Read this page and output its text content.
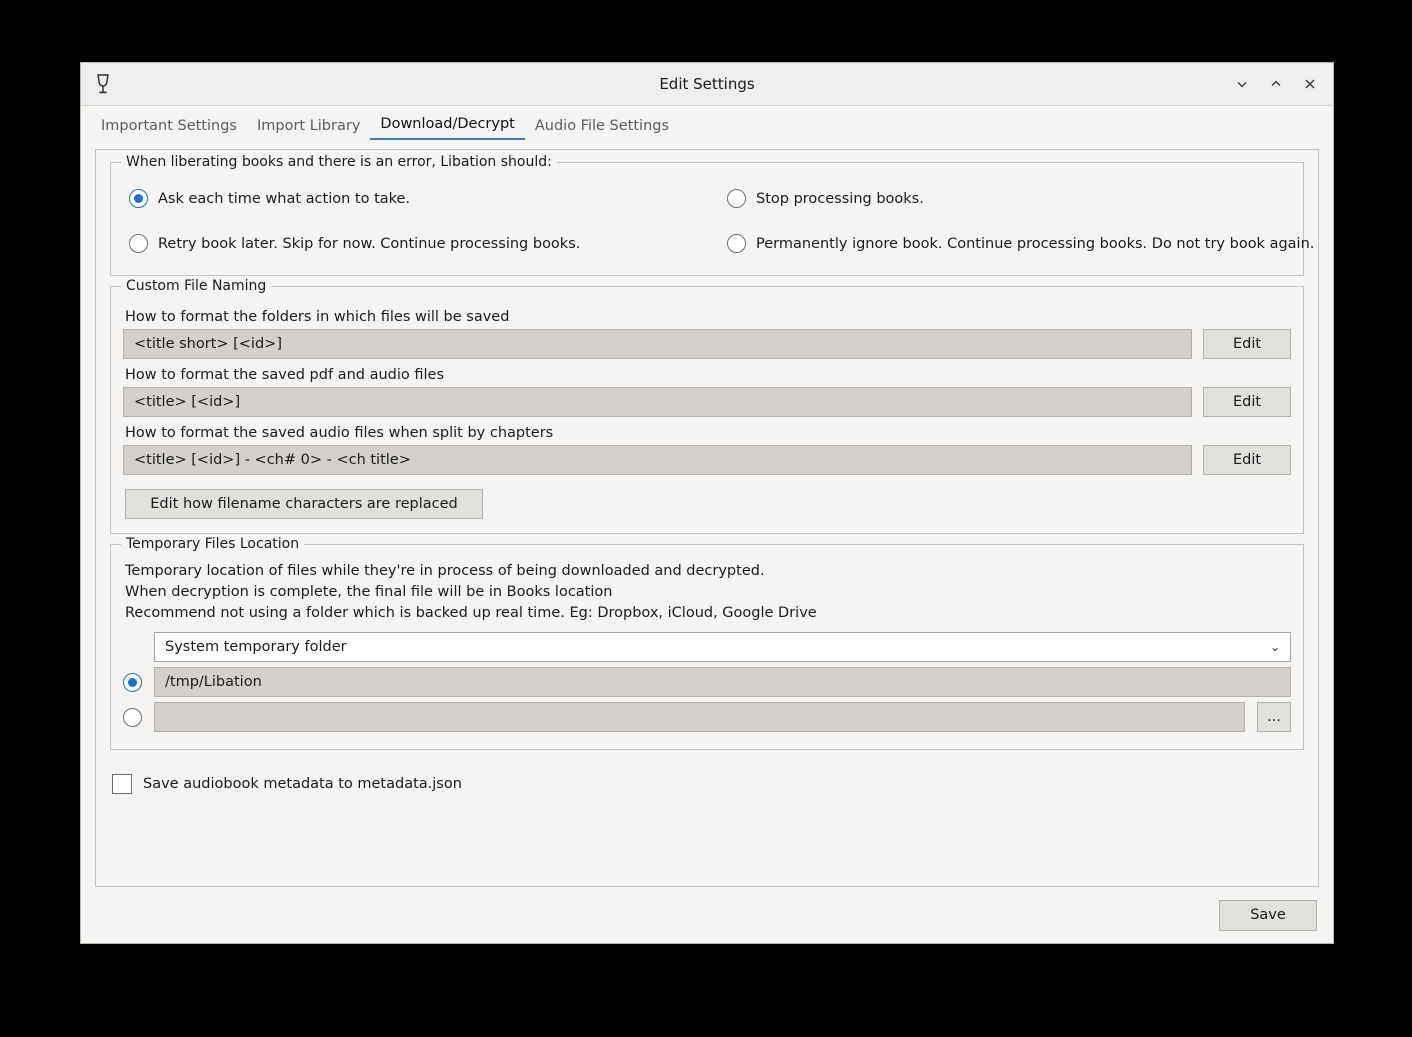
Edit Settings
Important Settings	Import Library	Download/Decrypt	Audio File Settings
When liberating books and there is an error, Libation should:
Ask each time what action to take.	Stop processing books.
Retry book later. Skip for now. Continue processing books.	Permanently ignore book. Continue processing books. Do not try book again.
Custom File Naming
How to format the folders in which files will be saved
<title short> [<id>]	Edit
How to format the saved pdf and audio files
<title> [<id>]	Edit
How to format the saved audio files when split by chapters
<title> [<id>] - <ch# 0> - <ch title>	Edit
Edit how filename characters are replaced
Temporary Files Location
Temporary location of files while they're in process of being downloaded and decrypted.
When decryption is complete, the final file will be in Books location
Recommend not using a folder which is backed up real time. Eg: Dropbox, iCloud, Google Drive
System temporary folder	⌄
/tmp/Libation
...
Save audiobook metadata to metadata.json
Save
